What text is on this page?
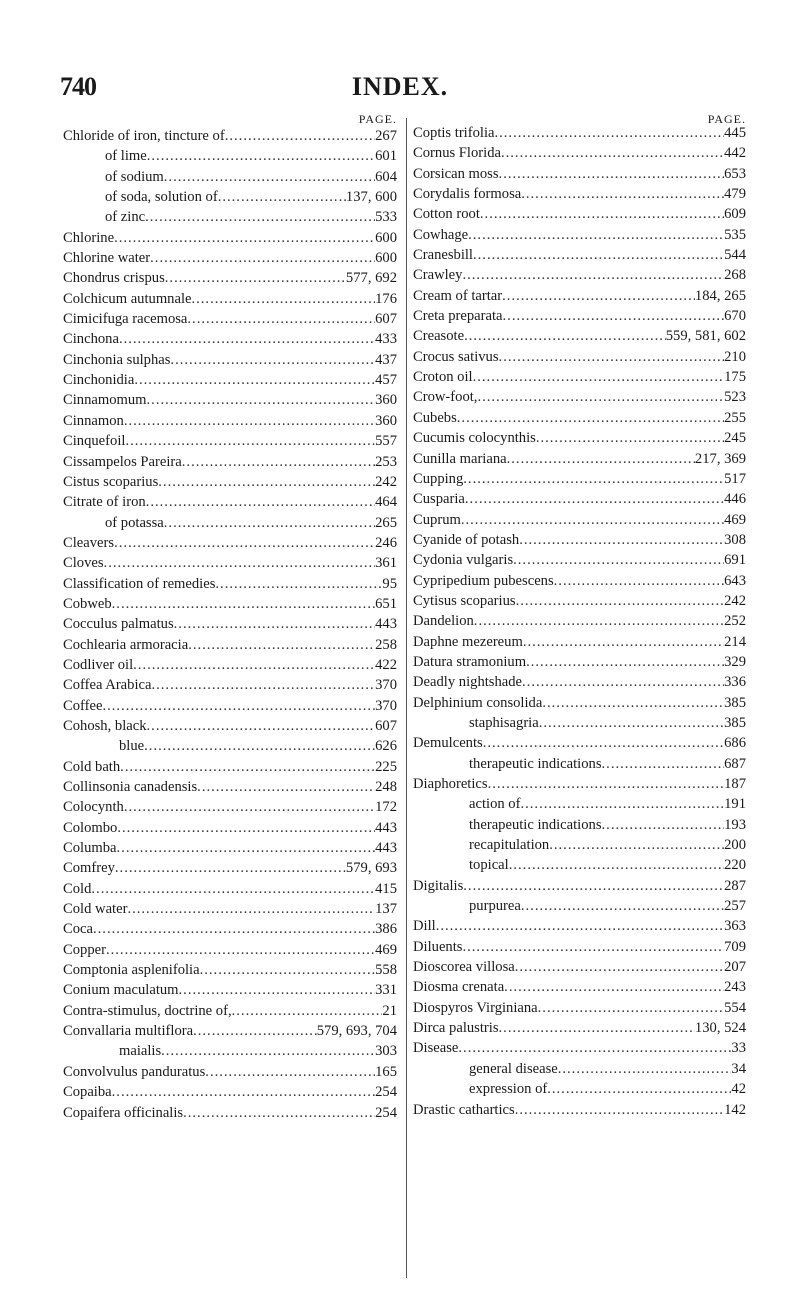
740	INDEX.
PAGE.
Chloride of iron, tincture of .....	267
of lime .....	601
of sodium .....	604
of soda, solution of .....	137, 600
of zinc .....	533
Chlorine .....	600
Chlorine water .....	600
Chondrus crispus .....	577, 692
Colchicum autumnale .....	176
Cimicifuga racemosa .....	607
Cinchona .....	433
Cinchonia sulphas .....	437
Cinchonidia .....	457
Cinnamomum .....	360
Cinnamon .....	360
Cinquefoil .....	557
Cissampelos Pareira .....	253
Cistus scoparius .....	242
Citrate of iron .....	464
of potassa .....	265
Cleavers .....	246
Cloves .....	361
Classification of remedies .....	95
Cobweb .....	651
Cocculus palmatus .....	443
Cochlearia armoracia .....	258
Codliver oil .....	422
Coffea Arabica .....	370
Coffee .....	370
Cohosh, black .....	607
blue .....	626
Cold bath .....	225
Collinsonia canadensis .....	248
Colocynth .....	172
Colombo .....	443
Columba .....	443
Comfrey .....	579, 693
Cold .....	415
Cold water .....	137
Coca .....	386
Copper .....	469
Comptonia asplenifolia .....	558
Conium maculatum .....	331
Contra-stimulus, doctrine of, .....	21
Convallaria multiflora .....	579, 693, 704
maialis .....	303
Convolvulus panduratus .....	165
Copaiba .....	254
Copaifera officinalis .....	254
PAGE.
Coptis trifolia .....	445
Cornus Florida .....	442
Corsican moss .....	653
Corydalis formosa .....	479
Cotton root .....	609
Cowhage .....	535
Cranesbill .....	544
Crawley .....	268
Cream of tartar .....	184, 265
Creta preparata .....	670
Creasote .....	559, 581, 602
Crocus sativus .....	210
Croton oil .....	175
Crow-foot, .....	523
Cubebs .....	255
Cucumis colocynthis .....	245
Cunilla mariana .....	217, 369
Cupping .....	517
Cusparia .....	446
Cuprum .....	469
Cyanide of potash .....	308
Cydonia vulgaris .....	691
Cypripedium pubescens .....	643
Cytisus scoparius .....	242
Dandelion .....	252
Daphne mezereum .....	214
Datura stramonium .....	329
Deadly nightshade .....	336
Delphinium consolida .....	385
staphisagria .....	385
Demulcents .....	686
therapeutic indications .....	687
Diaphoretics .....	187
action of .....	191
therapeutic indications .....	193
recapitulation .....	200
topical .....	220
Digitalis .....	287
purpurea .....	257
Dill .....	363
Diluents .....	709
Dioscorea villosa .....	207
Diosma crenata .....	243
Diospyros Virginiana .....	554
Dirca palustris .....	130, 524
Disease .....	33
general disease .....	34
expression of .....	42
Drastic cathartics .....	142
